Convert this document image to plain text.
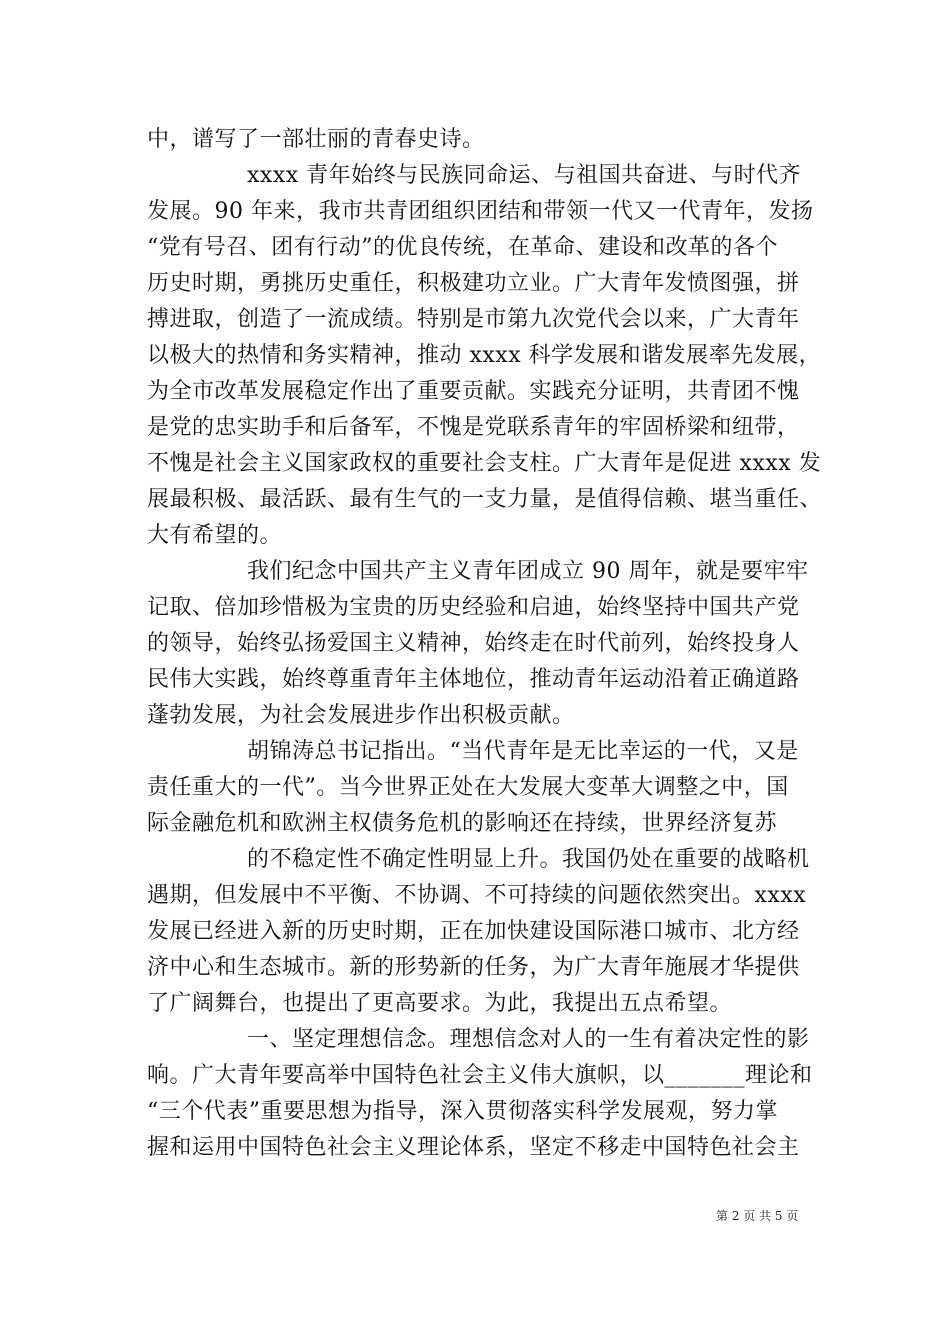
中，谱写了一部壮丽的青春史诗。
xxxx 青年始终与民族同命运、与祖国共奋进、与时代齐
发展。90 年来，我市共青团组织团结和带领一代又一代青年，发扬
“党有号召、团有行动”的优良传统，在革命、建设和改革的各个
历史时期，勇挑历史重任，积极建功立业。广大青年发愤图强，拼
搏进取，创造了一流成绩。特别是市第九次党代会以来，广大青年
以极大的热情和务实精神，推动 xxxx 科学发展和谐发展率先发展，
为全市改革发展稳定作出了重要贡献。实践充分证明，共青团不愧
是党的忠实助手和后备军，不愧是党联系青年的牢固桥梁和纽带，
不愧是社会主义国家政权的重要社会支柱。广大青年是促进 xxxx 发
展最积极、最活跃、最有生气的一支力量，是值得信赖、堪当重任、
大有希望的。
我们纪念中国共产主义青年团成立 90 周年，就是要牢牢
记取、倍加珍惜极为宝贵的历史经验和启迪，始终坚持中国共产党
的领导，始终弘扬爱国主义精神，始终走在时代前列，始终投身人
民伟大实践，始终尊重青年主体地位，推动青年运动沿着正确道路
蓬勃发展，为社会发展进步作出积极贡献。
胡锦涛总书记指出。“当代青年是无比幸运的一代，又是
责任重大的一代”。当今世界正处在大发展大变革大调整之中，国
际金融危机和欧洲主权债务危机的影响还在持续，世界经济复苏
的不稳定性不确定性明显上升。我国仍处在重要的战略机
遇期，但发展中不平衡、不协调、不可持续的问题依然突出。xxxx
发展已经进入新的历史时期，正在加快建设国际港口城市、北方经
济中心和生态城市。新的形势新的任务，为广大青年施展才华提供
了广阔舞台，也提出了更高要求。为此，我提出五点希望。
一、坚定理想信念。理想信念对人的一生有着决定性的影
响。广大青年要高举中国特色社会主义伟大旗帜，以_______理论和
“三个代表”重要思想为指导，深入贯彻落实科学发展观，努力掌
握和运用中国特色社会主义理论体系，坚定不移走中国特色社会主
第 2 页 共 5 页
